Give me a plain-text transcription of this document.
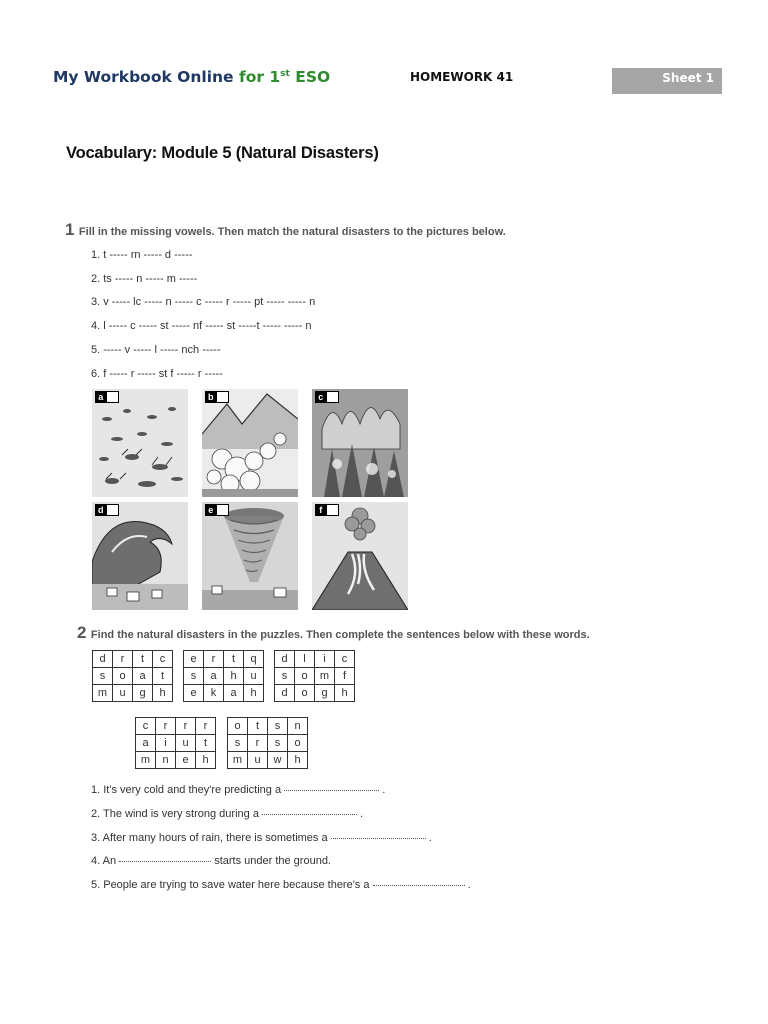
My Workbook Online for 1st ESO	HOMEWORK 41	Sheet 1
Vocabulary: Module 5 (Natural Disasters)
1 Fill in the missing vowels. Then match the natural disasters to the pictures below.
1. t ----- rn ----- d -----
2. ts ----- n ----- m -----
3. v ----- lc ----- n ----- c ----- r ----- pt ----- ----- n
4. l ----- c ----- st ----- nf ----- st -----t ----- ----- n
5. ----- v ----- l ----- nch -----
6. f ----- r ----- st f ----- r -----
a	b	c
d	e	f
2 Find the natural disasters in the puzzles. Then complete the sentences below with these words.
d	r	t	c
s	o	a	t
m	u	g	h
e	r	t	q
s	a	h	u
e	k	a	h
d	l	i	c
s	o	m	f
d	o	g	h
c	r	r	r
a	i	u	t
m	n	e	h
o	t	s	n
s	r	s	o
m	u	w	h
1. It's very cold and they're predicting a	.
2. The wind is very strong during a	.
3. After many hours of rain, there is sometimes a	.
4. An	starts under the ground.
5. People are trying to save water here because there's a	.
